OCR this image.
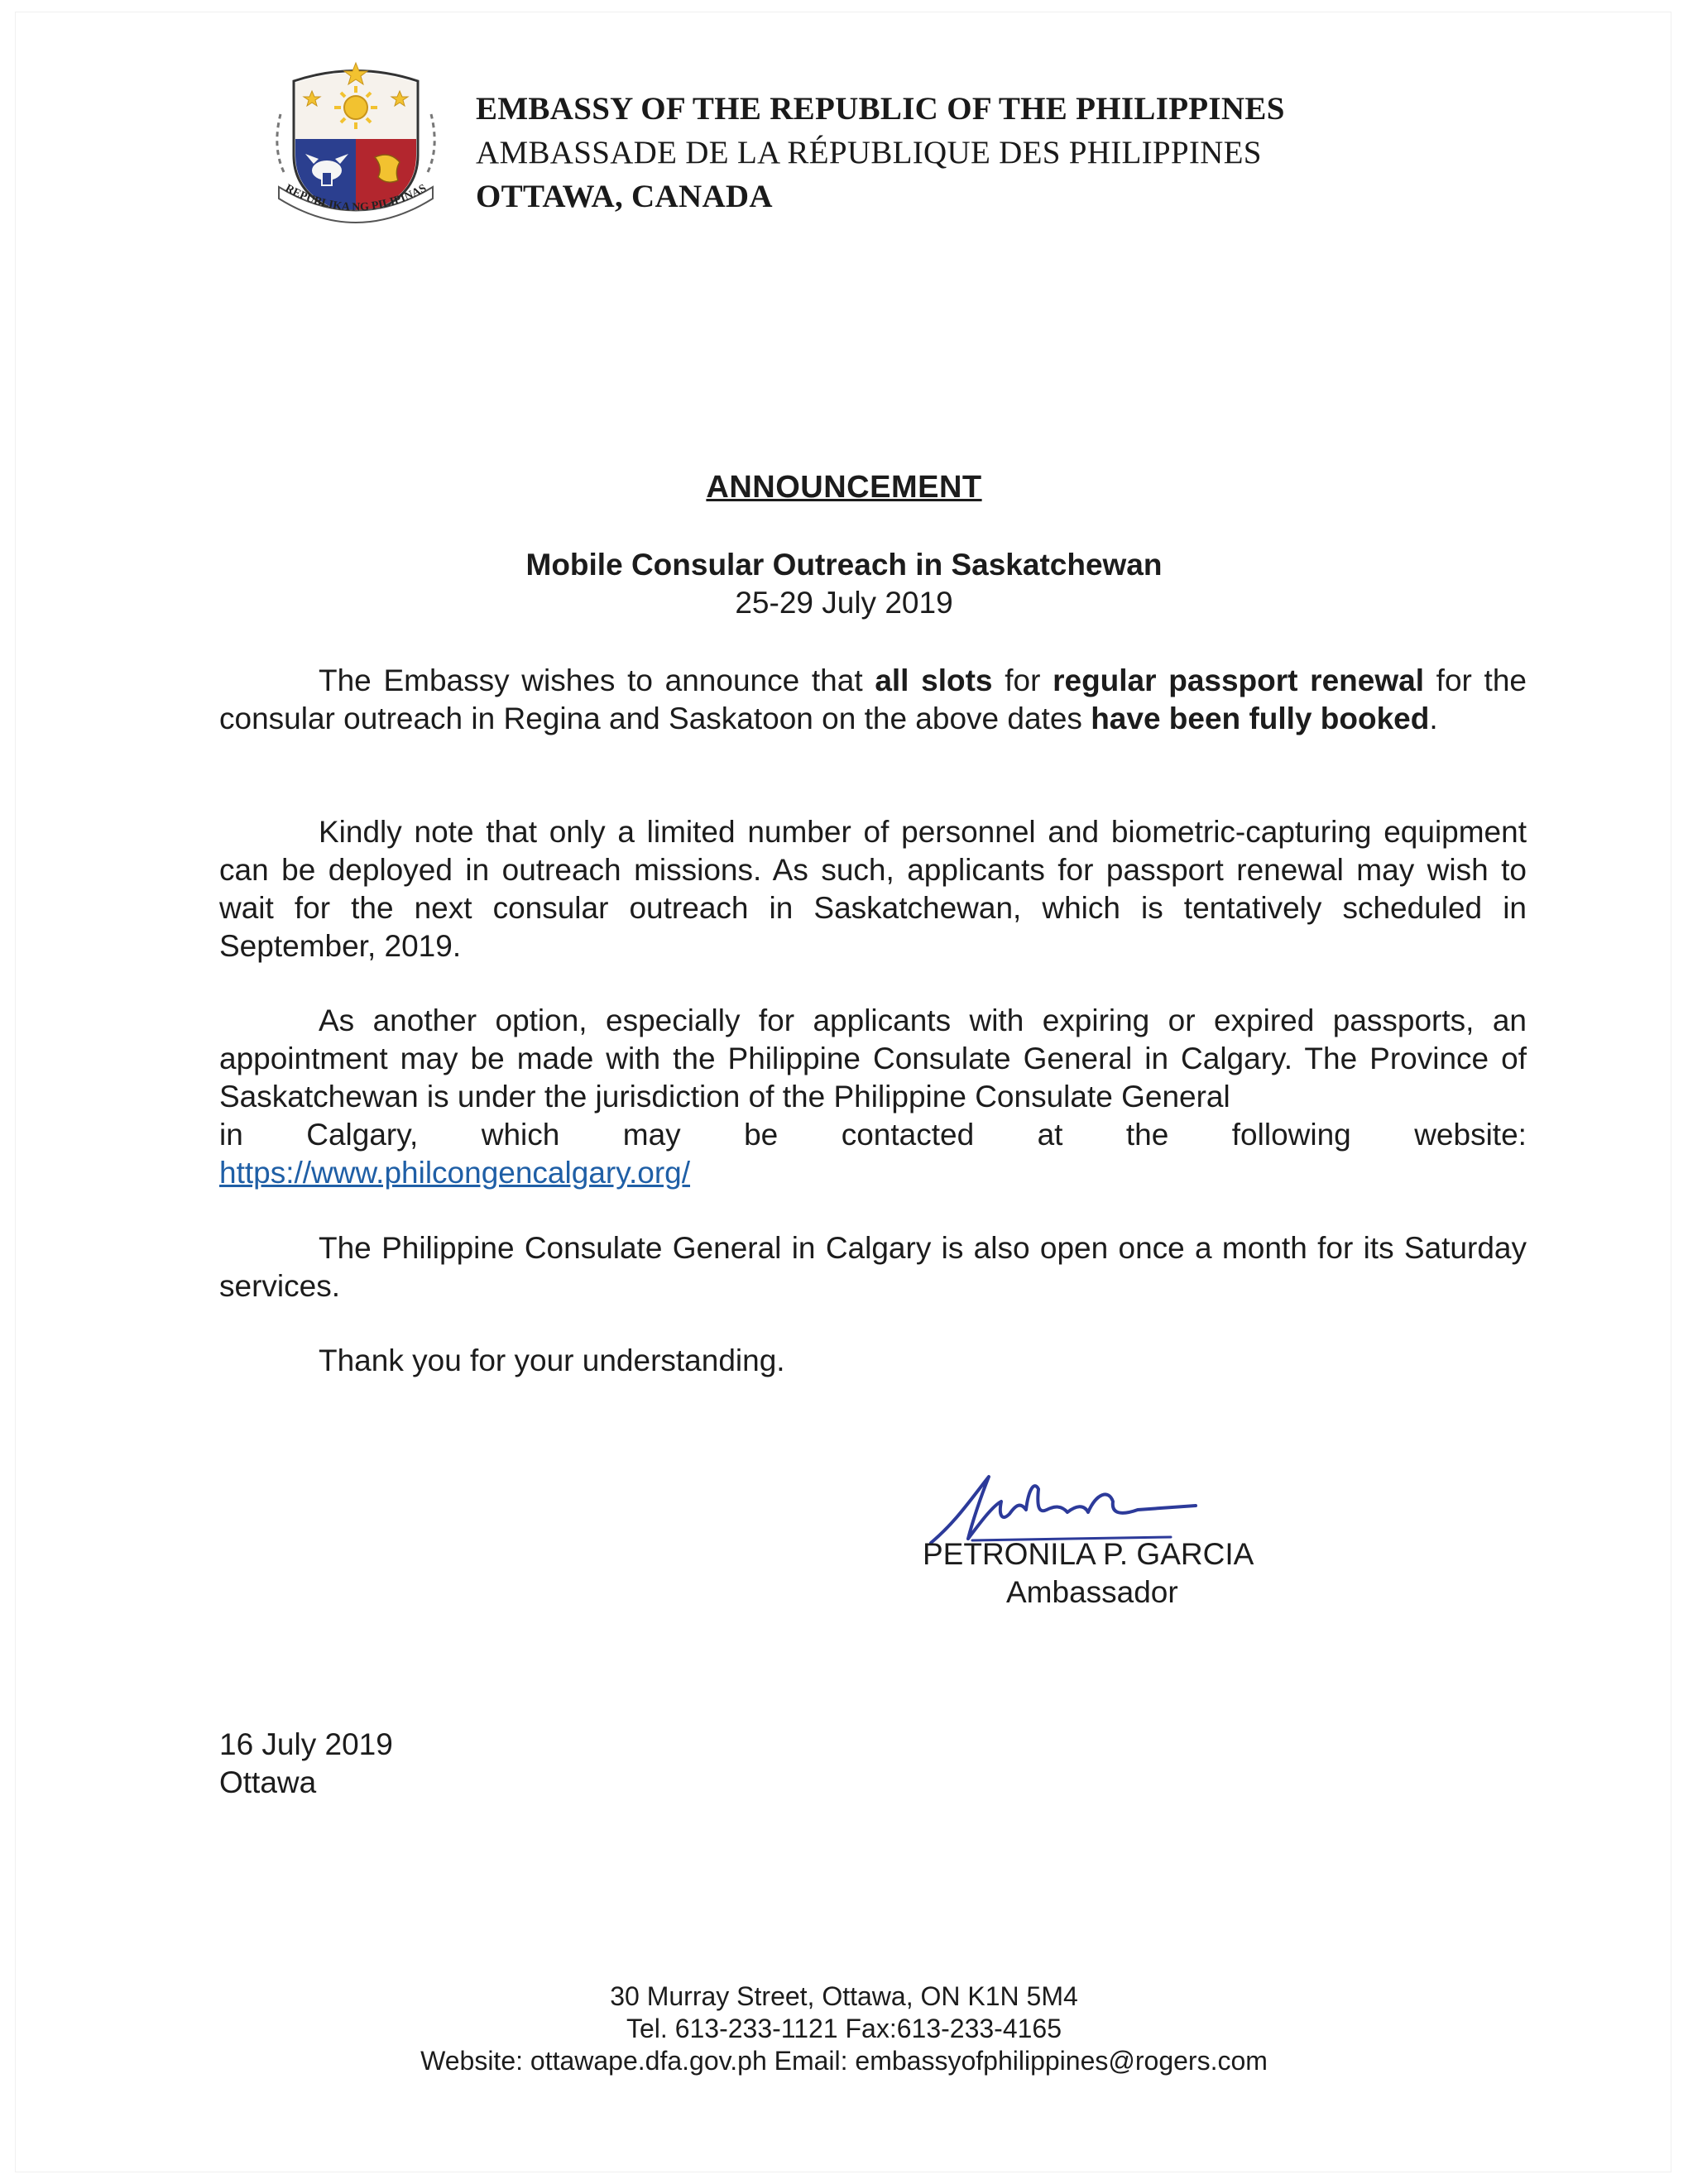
REPUBLIKA NG PILIPINAS
EMBASSY OF THE REPUBLIC OF THE PHILIPPINES
AMBASSADE DE LA RÉPUBLIQUE DES PHILIPPINES
OTTAWA, CANADA
ANNOUNCEMENT
Mobile Consular Outreach in Saskatchewan
25-29 July 2019
The Embassy wishes to announce that all slots for regular passport renewal for the consular outreach in Regina and Saskatoon on the above dates have been fully booked.
Kindly note that only a limited number of personnel and biometric-capturing equipment can be deployed in outreach missions. As such, applicants for passport renewal may wish to wait for the next consular outreach in Saskatchewan, which is tentatively scheduled in September, 2019.
As another option, especially for applicants with expiring or expired passports, an appointment may be made with the Philippine Consulate General in Calgary. The Province of Saskatchewan is under the jurisdiction of the Philippine Consulate General
in Calgary, which may be contacted at the following website:
https://www.philcongencalgary.org/
The Philippine Consulate General in Calgary is also open once a month for its Saturday services.
Thank you for your understanding.
PETRONILA P. GARCIA
Ambassador
16 July 2019
Ottawa
30 Murray Street, Ottawa, ON K1N 5M4
Tel. 613-233-1121 Fax:613-233-4165
Website: ottawape.dfa.gov.ph Email: embassyofphilippines@rogers.com
